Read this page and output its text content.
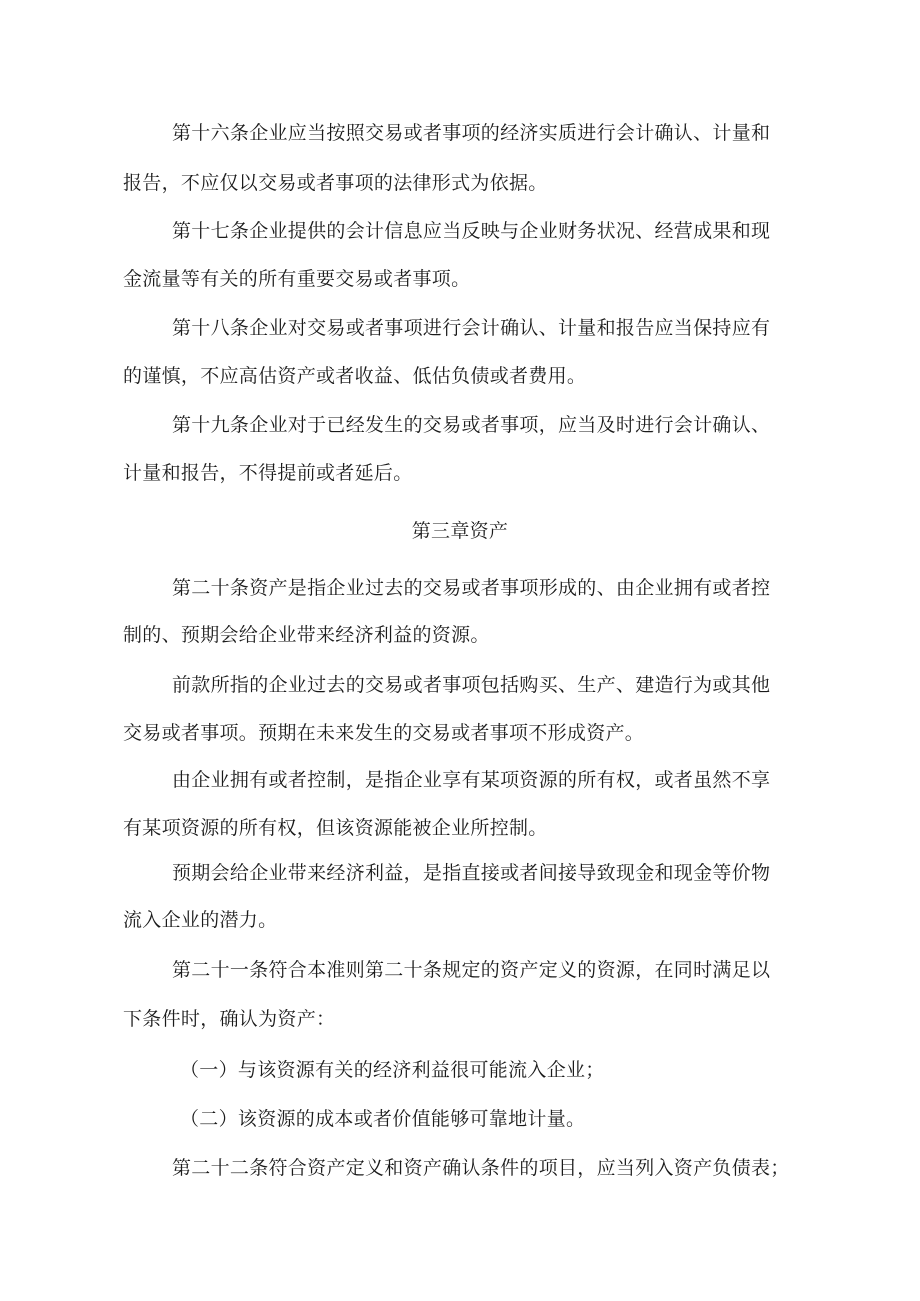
第十六条企业应当按照交易或者事项的经济实质进行会计确认、计量和
报告，不应仅以交易或者事项的法律形式为依据。
第十七条企业提供的会计信息应当反映与企业财务状况、经营成果和现
金流量等有关的所有重要交易或者事项。
第十八条企业对交易或者事项进行会计确认、计量和报告应当保持应有
的谨慎，不应高估资产或者收益、低估负债或者费用。
第十九条企业对于已经发生的交易或者事项，应当及时进行会计确认、
计量和报告，不得提前或者延后。
第三章资产
第二十条资产是指企业过去的交易或者事项形成的、由企业拥有或者控
制的、预期会给企业带来经济利益的资源。
前款所指的企业过去的交易或者事项包括购买、生产、建造行为或其他
交易或者事项。预期在未来发生的交易或者事项不形成资产。
由企业拥有或者控制，是指企业享有某项资源的所有权，或者虽然不享
有某项资源的所有权，但该资源能被企业所控制。
预期会给企业带来经济利益，是指直接或者间接导致现金和现金等价物
流入企业的潜力。
第二十一条符合本准则第二十条规定的资产定义的资源，在同时满足以
下条件时，确认为资产：
（一）与该资源有关的经济利益很可能流入企业；
（二）该资源的成本或者价值能够可靠地计量。
第二十二条符合资产定义和资产确认条件的项目，应当列入资产负债表；
